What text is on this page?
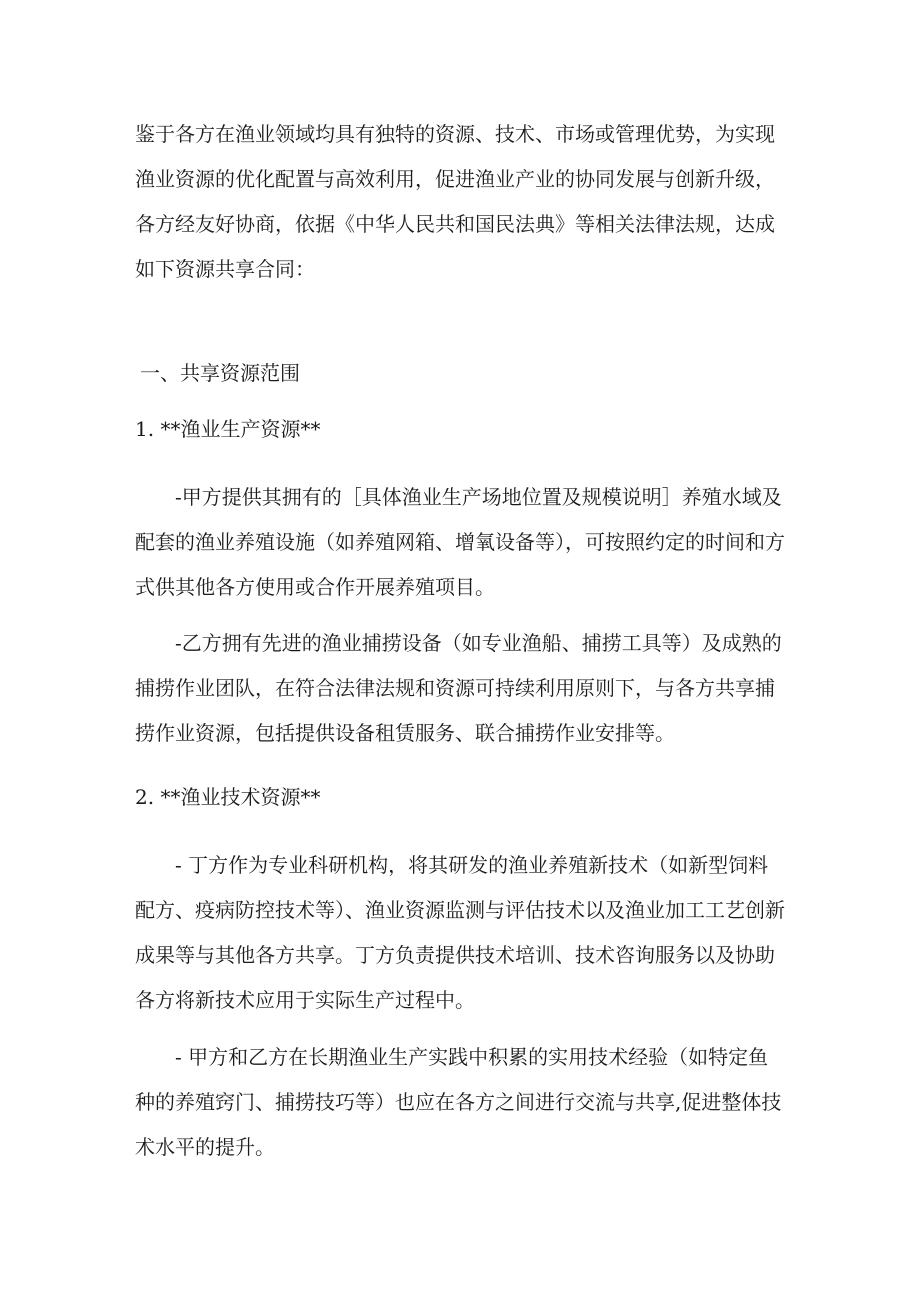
鉴于各方在渔业领域均具有独特的资源、技术、市场或管理优势，为实现渔业资源的优化配置与高效利用，促进渔业产业的协同发展与创新升级，各方经友好协商，依据《中华人民共和国民法典》等相关法律法规，达成如下资源共享合同：

一、共享资源范围

1. **渔业生产资源**

-甲方提供其拥有的［具体渔业生产场地位置及规模说明］养殖水域及配套的渔业养殖设施（如养殖网箱、增氧设备等），可按照约定的时间和方式供其他各方使用或合作开展养殖项目。

-乙方拥有先进的渔业捕捞设备（如专业渔船、捕捞工具等）及成熟的捕捞作业团队，在符合法律法规和资源可持续利用原则下，与各方共享捕捞作业资源，包括提供设备租赁服务、联合捕捞作业安排等。

2. **渔业技术资源**

- 丁方作为专业科研机构，将其研发的渔业养殖新技术（如新型饲料配方、疫病防控技术等）、渔业资源监测与评估技术以及渔业加工工艺创新成果等与其他各方共享。丁方负责提供技术培训、技术咨询服务以及协助各方将新技术应用于实际生产过程中。

- 甲方和乙方在长期渔业生产实践中积累的实用技术经验（如特定鱼种的养殖窍门、捕捞技巧等）也应在各方之间进行交流与共享,促进整体技术水平的提升。
